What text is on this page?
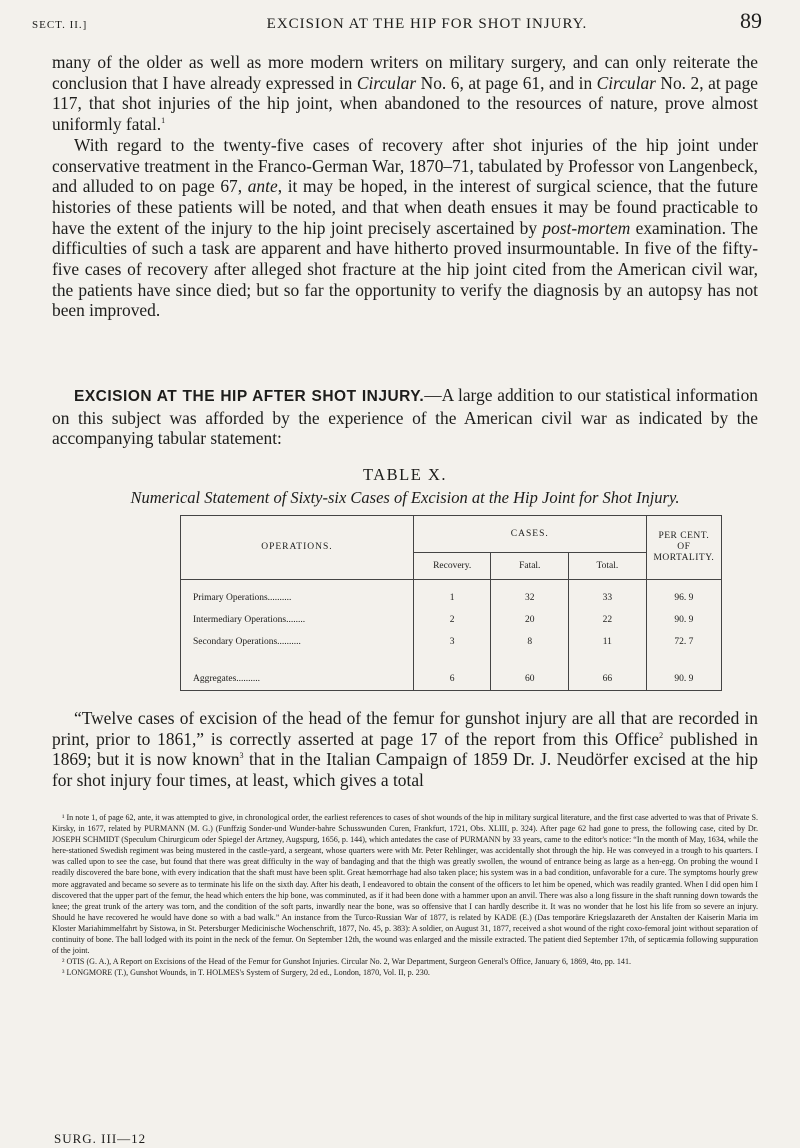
SECT. II.]	EXCISION AT THE HIP FOR SHOT INJURY.	89
many of the older as well as more modern writers on military surgery, and can only reiterate the conclusion that I have already expressed in Circular No. 6, at page 61, and in Circular No. 2, at page 117, that shot injuries of the hip joint, when abandoned to the resources of nature, prove almost uniformly fatal.$^1$
With regard to the twenty-five cases of recovery after shot injuries of the hip joint under conservative treatment in the Franco-German War, 1870–71, tabulated by Professor von Langenbeck, and alluded to on page 67, ante, it may be hoped, in the interest of surgical science, that the future histories of these patients will be noted, and that when death ensues it may be found practicable to have the extent of the injury to the hip joint precisely ascertained by post-mortem examination. The difficulties of such a task are apparent and have hitherto proved insurmountable. In five of the fifty-five cases of recovery after alleged shot fracture at the hip joint cited from the American civil war, the patients have since died; but so far the opportunity to verify the diagnosis by an autopsy has not been improved.
EXCISION AT THE HIP AFTER SHOT INJURY.—A large addition to our statistical information on this subject was afforded by the experience of the American civil war as indicated by the accompanying tabular statement:
TABLE X.
Numerical Statement of Sixty-six Cases of Excision at the Hip Joint for Shot Injury.
OPERATIONS.	CASES.			PER CENT.
OF
MORTALITY.

	Recovery.	Fatal.	Total.	

Primary Operations..........	1	32	33	96. 9
Intermediary Operations........	2	20	22	90. 9
Secondary Operations..........	3	8	11	72. 7

Aggregates..........	6	60	66	90. 9
“Twelve cases of excision of the head of the femur for gunshot injury are all that are recorded in print, prior to 1861,” is correctly asserted at page 17 of the report from this Office$^2$ published in 1869; but it is now known$^3$ that in the Italian Campaign of 1859 Dr. J. Neudörfer excised at the hip for shot injury four times, at least, which gives a total

¹ In note 1, of page 62, ante, it was attempted to give, in chronological order, the earliest references to cases of shot wounds of the hip in military surgical literature, and the first case adverted to was that of Private S. Kirsky, in 1677, related by PURMANN (M. G.) (Funffzig Sonder-und Wunder-bahre Schusswunden Curen, Frankfurt, 1721, Obs. XLIII, p. 324). After page 62 had gone to press, the following case, cited by Dr. JOSEPH SCHMIDT (Speculum Chirurgicum oder Spiegel der Artzney, Augspurg, 1656, p. 144), which antedates the case of PURMANN by 33 years, came to the editor's notice: “In the month of May, 1634, while the here-stationed Swedish regiment was being mustered in the castle-yard, a sergeant, whose quarters were with Mr. Peter Rehlinger, was accidentally shot through the hip. He was conveyed in a trough to his quarters. I was called upon to see the case, but found that there was great difficulty in the way of bandaging and that the thigh was greatly swollen, the wound of entrance being as large as a hen-egg. On probing the wound I readily discovered the bare bone, with every indication that the shaft must have been split. Great hæmorrhage had also taken place; his system was in a bad condition, unfavorable for a cure. The symptoms hourly grew more aggravated and became so severe as to terminate his life on the sixth day. After his death, I endeavored to obtain the consent of the officers to let him be opened, which was readily granted. When I did open him I discovered that the upper part of the femur, the head which enters the hip bone, was comminuted, as if it had been done with a hammer upon an anvil. There was also a long fissure in the shaft running down towards the knee; the great trunk of the artery was torn, and the condition of the soft parts, inwardly near the bone, was so offensive that I can hardly describe it. It was no wonder that he lost his life from so severe an injury. Should he have recovered he would have done so with a bad walk.” An instance from the Turco-Russian War of 1877, is related by KADE (E.) (Das temporäre Kriegslazareth der Anstalten der Kaiserin Maria im Kloster Mariahimmelfahrt by Sistowa, in St. Petersburger Medicinische Wochenschrift, 1877, No. 45, p. 383): A soldier, on August 31, 1877, received a shot wound of the right coxo-femoral joint without separation of continuity of bone. The ball lodged with its point in the neck of the femur. On September 12th, the wound was enlarged and the missile extracted. The patient died September 17th, of septicæmia following suppuration of the joint.

² OTIS (G. A.), A Report on Excisions of the Head of the Femur for Gunshot Injuries. Circular No. 2, War Department, Surgeon General's Office, January 6, 1869, 4to, pp. 141.

³ LONGMORE (T.), Gunshot Wounds, in T. HOLMES's System of Surgery, 2d ed., London, 1870, Vol. II, p. 230.

SURG. III—12
